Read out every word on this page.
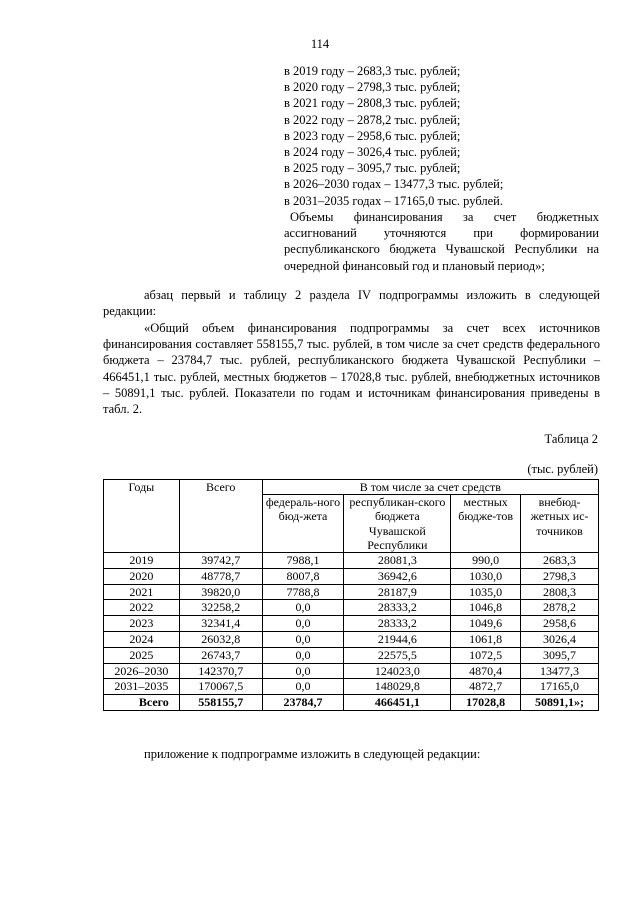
114
в 2019 году – 2683,3 тыс. рублей;
в 2020 году – 2798,3 тыс. рублей;
в 2021 году – 2808,3 тыс. рублей;
в 2022 году – 2878,2 тыс. рублей;
в 2023 году – 2958,6 тыс. рублей;
в 2024 году – 3026,4 тыс. рублей;
в 2025 году – 3095,7 тыс. рублей;
в 2026–2030 годах – 13477,3 тыс. рублей;
в 2031–2035 годах – 17165,0 тыс. рублей.
Объемы финансирования за счет бюджетных ассигнований уточняются при формировании республиканского бюджета Чувашской Республики на очередной финансовый год и плановый период»;
абзац первый и таблицу 2 раздела IV подпрограммы изложить в следующей редакции:
«Общий объем финансирования подпрограммы за счет всех источников финансирования составляет 558155,7 тыс. рублей, в том числе за счет средств федерального бюджета – 23784,7 тыс. рублей, республиканского бюджета Чувашской Республики – 466451,1 тыс. рублей, местных бюджетов – 17028,8 тыс. рублей, внебюджетных источников – 50891,1 тыс. рублей. Показатели по годам и источникам финансирования приведены в табл. 2.
Таблица 2
(тыс. рублей)
Годы	Всего	В том числе за счет средств			
		федераль-ного бюд-жета	республикан-ского бюджета Чувашской Республики	местных бюдже-тов	внебюд-жетных ис-точников
2019	39742,7	7988,1	28081,3	990,0	2683,3
2020	48778,7	8007,8	36942,6	1030,0	2798,3
2021	39820,0	7788,8	28187,9	1035,0	2808,3
2022	32258,2	0,0	28333,2	1046,8	2878,2
2023	32341,4	0,0	28333,2	1049,6	2958,6
2024	26032,8	0,0	21944,6	1061,8	3026,4
2025	26743,7	0,0	22575,5	1072,5	3095,7
2026–2030	142370,7	0,0	124023,0	4870,4	13477,3
2031–2035	170067,5	0,0	148029,8	4872,7	17165,0
Всего	558155,7	23784,7	466451,1	17028,8	50891,1»;
приложение к подпрограмме изложить в следующей редакции:
